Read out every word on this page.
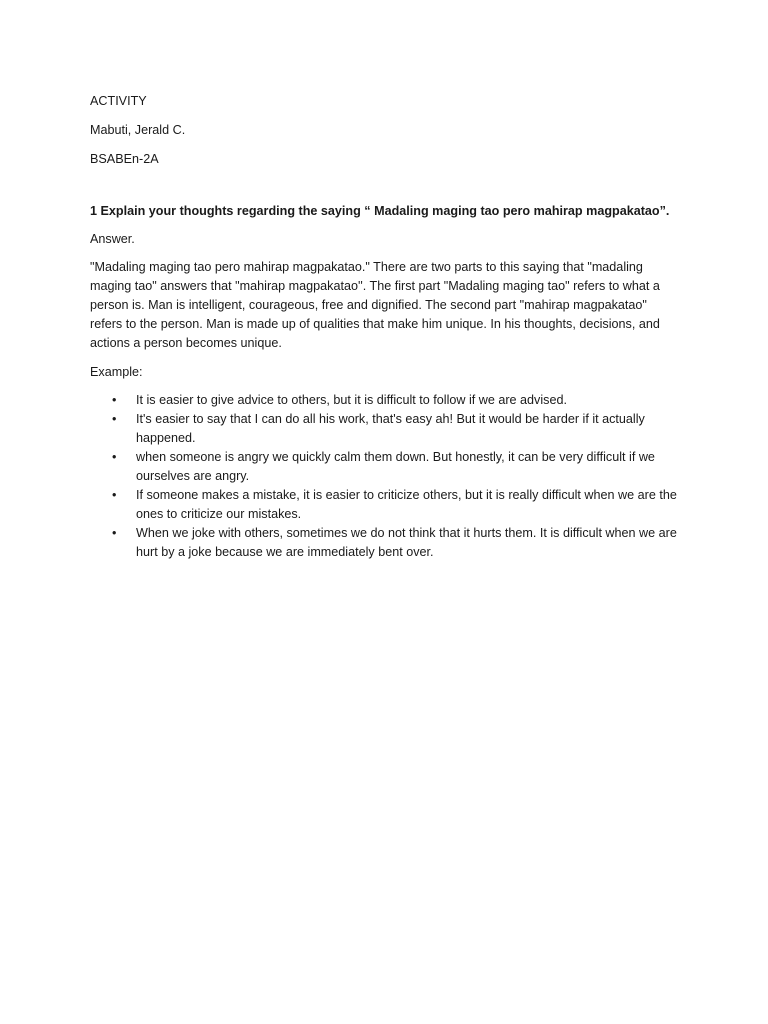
ACTIVITY

Mabuti, Jerald C.

BSABEn-2A

1 Explain your thoughts regarding the saying “ Madaling maging tao pero mahirap magpakatao”.

Answer.

"Madaling maging tao pero mahirap magpakatao." There are two parts to this saying that "madaling maging tao" answers that "mahirap magpakatao''. The first part "Madaling maging tao" refers to what a person is. Man is intelligent, courageous, free and dignified. The second part "mahirap magpakatao" refers to the person. Man is made up of qualities that make him unique. In his thoughts, decisions, and actions a person becomes unique.

Example:

• It is easier to give advice to others, but it is difficult to follow if we are advised.
• It's easier to say that I can do all his work, that's easy ah! But it would be harder if it actually happened.
• when someone is angry we quickly calm them down. But honestly, it can be very difficult if we ourselves are angry.
• If someone makes a mistake, it is easier to criticize others, but it is really difficult when we are the ones to criticize our mistakes.
• When we joke with others, sometimes we do not think that it hurts them. It is difficult when we are hurt by a joke because we are immediately bent over.
